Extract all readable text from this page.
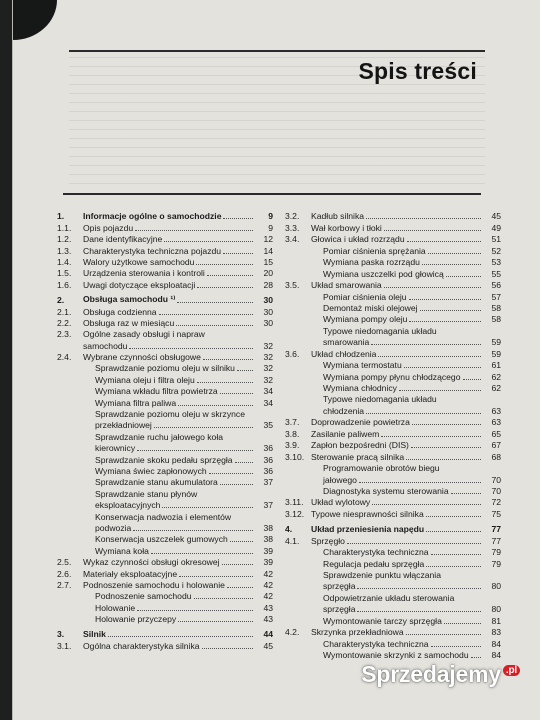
Spis treści
1.	Informacje ogólne o samochodzie	9
1.1.	Opis pojazdu	9
1.2.	Dane identyfikacyjne	12
1.3.	Charakterystyka techniczna pojazdu	14
1.4.	Walory użytkowe samochodu	15
1.5.	Urządzenia sterowania i kontroli	20
1.6.	Uwagi dotyczące eksploatacji	28
2.	Obsługa samochodu ¹⁾	30
2.1.	Obsługa codzienna	30
2.2.	Obsługa raz w miesiącu	30
2.3.	Ogólne zasady obsługi i napraw
samochodu	32
2.4.	Wybrane czynności obsługowe	32
Sprawdzanie poziomu oleju w silniku	32
Wymiana oleju i filtra oleju	32
Wymiana wkładu filtra powietrza	34
Wymiana filtra paliwa	34
Sprawdzanie poziomu oleju w skrzynce
przekładniowej	35
Sprawdzanie ruchu jałowego koła
kierownicy	36
Sprawdzanie skoku pedału sprzęgła	36
Wymiana świec zapłonowych	36
Sprawdzanie stanu akumulatora	37
Sprawdzanie stanu płynów
eksploatacyjnych	37
Konserwacja nadwozia i elementów
podwozia	38
Konserwacja uszczelek gumowych	38
Wymiana koła	39
2.5.	Wykaz czynności obsługi okresowej	39
2.6.	Materiały eksploatacyjne	42
2.7.	Podnoszenie samochodu i holowanie	42
Podnoszenie samochodu	42
Holowanie	43
Holowanie przyczepy	43
3.	Silnik	44
3.1.	Ogólna charakterystyka silnika	45
3.2.	Kadłub silnika	45
3.3.	Wał korbowy i tłoki	49
3.4.	Głowica i układ rozrządu	51
Pomiar ciśnienia sprężania	52
Wymiana paska rozrządu	53
Wymiana uszczelki pod głowicą	55
3.5.	Układ smarowania	56
Pomiar ciśnienia oleju	57
Demontaż miski olejowej	58
Wymiana pompy oleju	58
Typowe niedomagania układu
smarowania	59
3.6.	Układ chłodzenia	59
Wymiana termostatu	61
Wymiana pompy płynu chłodzącego	62
Wymiana chłodnicy	62
Typowe niedomagania układu
chłodzenia	63
3.7.	Doprowadzenie powietrza	63
3.8.	Zasilanie paliwem	65
3.9.	Zapłon bezpośredni (DIS)	67
3.10. Sterowanie pracą silnika	68
Programowanie obrotów biegu
jałowego	70
Diagnostyka systemu sterowania	70
3.11. Układ wylotowy	72
3.12. Typowe niesprawności silnika	75
4.	Układ przeniesienia napędu	77
4.1.	Sprzęgło	77
Charakterystyka techniczna	79
Regulacja pedału sprzęgła	79
Sprawdzenie punktu włączania
sprzęgła	80
Odpowietrzanie układu sterowania
sprzęgła	80
Wymontowanie tarczy sprzęgła	81
4.2.	Skrzynka przekładniowa	83
Charakterystyka techniczna	84
Wymontowanie skrzynki z samochodu	84
Sprzedajemy $^{.pl}$
